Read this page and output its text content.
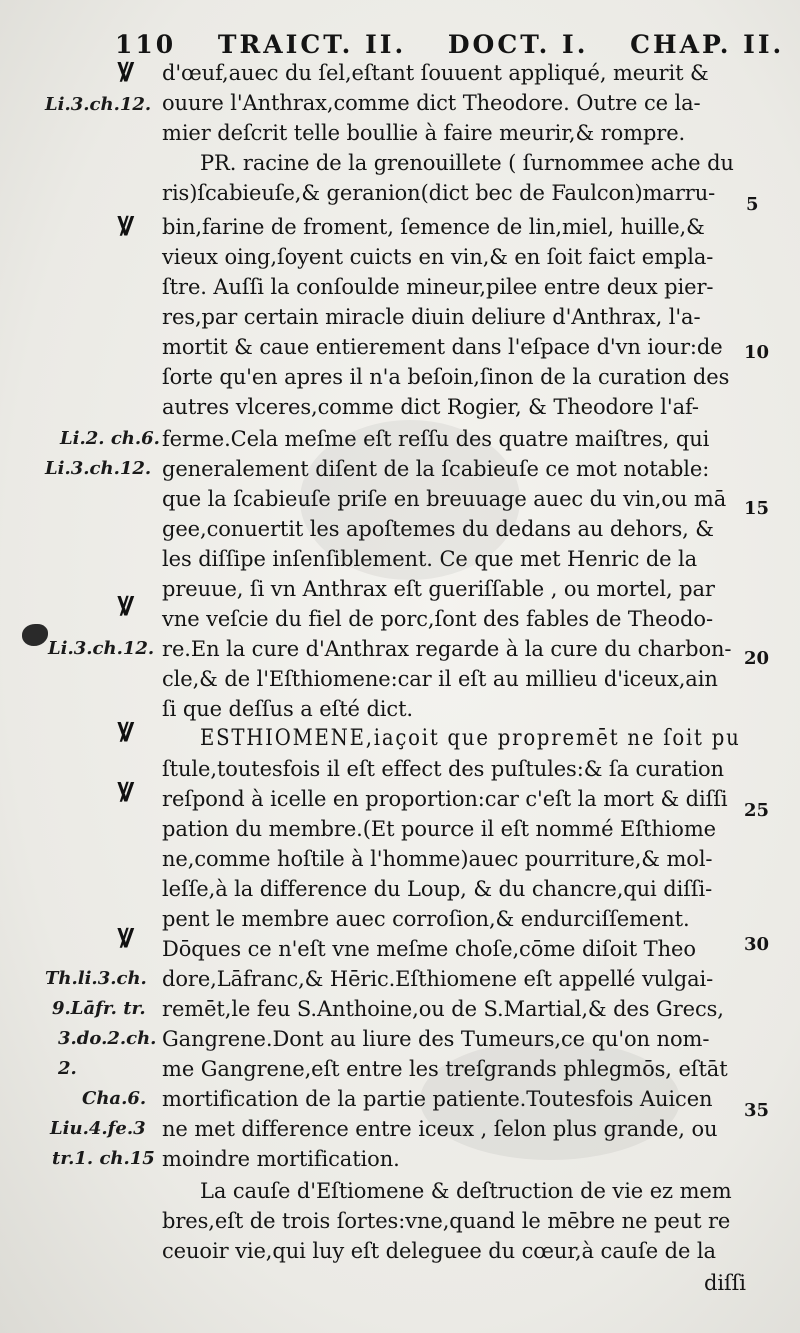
110 TRAICT. II. DOCT. I. CHAP. II.
Ꝟ
Ꝟ
Ꝟ
Ꝟ
Ꝟ
Ꝟ
d'œuf,auec du ſel,eſtant ſouuent appliqué, meurit &
ouure l'Anthrax,comme dict Theodore. Outre ce la-
mier deſcrit telle boullie à faire meurir,& rompre.
PR. racine de la grenouillete ( ſurnommee ache du
ris)ſcabieuſe,& geranion(dict bec de Faulcon)marru-
bin,farine de froment, ſemence de lin,miel, huille,&
vieux oing,ſoyent cuicts en vin,& en ſoit faict empla-
ſtre. Auſſi la conſoulde mineur,pilee entre deux pier-
res,par certain miracle diuin deliure d'Anthrax, l'a-
mortit & caue entierement dans l'eſpace d'vn iour:de
ſorte qu'en apres il n'a beſoin,ſinon de la curation des
autres vlceres,comme dict Rogier, & Theodore l'af-
ferme.Cela meſme eſt reſſu des quatre maiſtres, qui
generalement diſent de la ſcabieuſe ce mot notable:
que la ſcabieuſe priſe en breuuage auec du vin,ou mā
gee,conuertit les apoſtemes du dedans au dehors, &
les diſſipe inſenſiblement. Ce que met Henric de la
preuue, ſi vn Anthrax eſt gueriſſable , ou mortel, par
vne veſcie du fiel de porc,ſont des fables de Theodo-
re.En la cure d'Anthrax regarde à la cure du charbon-
cle,& de l'Eſthiomene:car il eſt au millieu d'iceux,ain
ſi que deſſus a eſté dict.
ESTHIOMENE,iaçoit que propremēt ne ſoit pu
ſtule,toutesfois il eſt effect des puſtules:& ſa curation
reſpond à icelle en proportion:car c'eſt la mort & diſſi
pation du membre.(Et pource il eſt nommé Eſthiome
ne,comme hoſtile à l'homme)auec pourriture,& mol-
leſſe,à la difference du Loup, & du chancre,qui diſſi-
pent le membre auec corroſion,& endurciſſement.
Dōques ce n'eſt vne meſme choſe,cōme diſoit Theo
dore,Lāfranc,& Hēric.Eſthiomene eſt appellé vulgai-
remēt,le feu S.Anthoine,ou de S.Martial,& des Grecs,
Gangrene.Dont au liure des Tumeurs,ce qu'on nom-
me Gangrene,eſt entre les treſgrands phlegmōs, eſtāt
mortification de la partie patiente.Toutesfois Auicen
ne met difference entre iceux , ſelon plus grande, ou
moindre mortification.
La cauſe d'Eſtiomene & deſtruction de vie ez mem
bres,eſt de trois ſortes:vne,quand le mēbre ne peut re
ceuoir vie,qui luy eſt deleguee du cœur,à cauſe de la
diſſi
Li.3.ch.12.
Li.2. ch.6.
Li.3.ch.12.
Li.3.ch.12.
Th.li.3.ch.
9.Lāfr. tr.
3.do.2.ch.
2.
Cha.6.
Liu.4.fe.3
tr.1. ch.15
5
10
15
20
25
30
35
